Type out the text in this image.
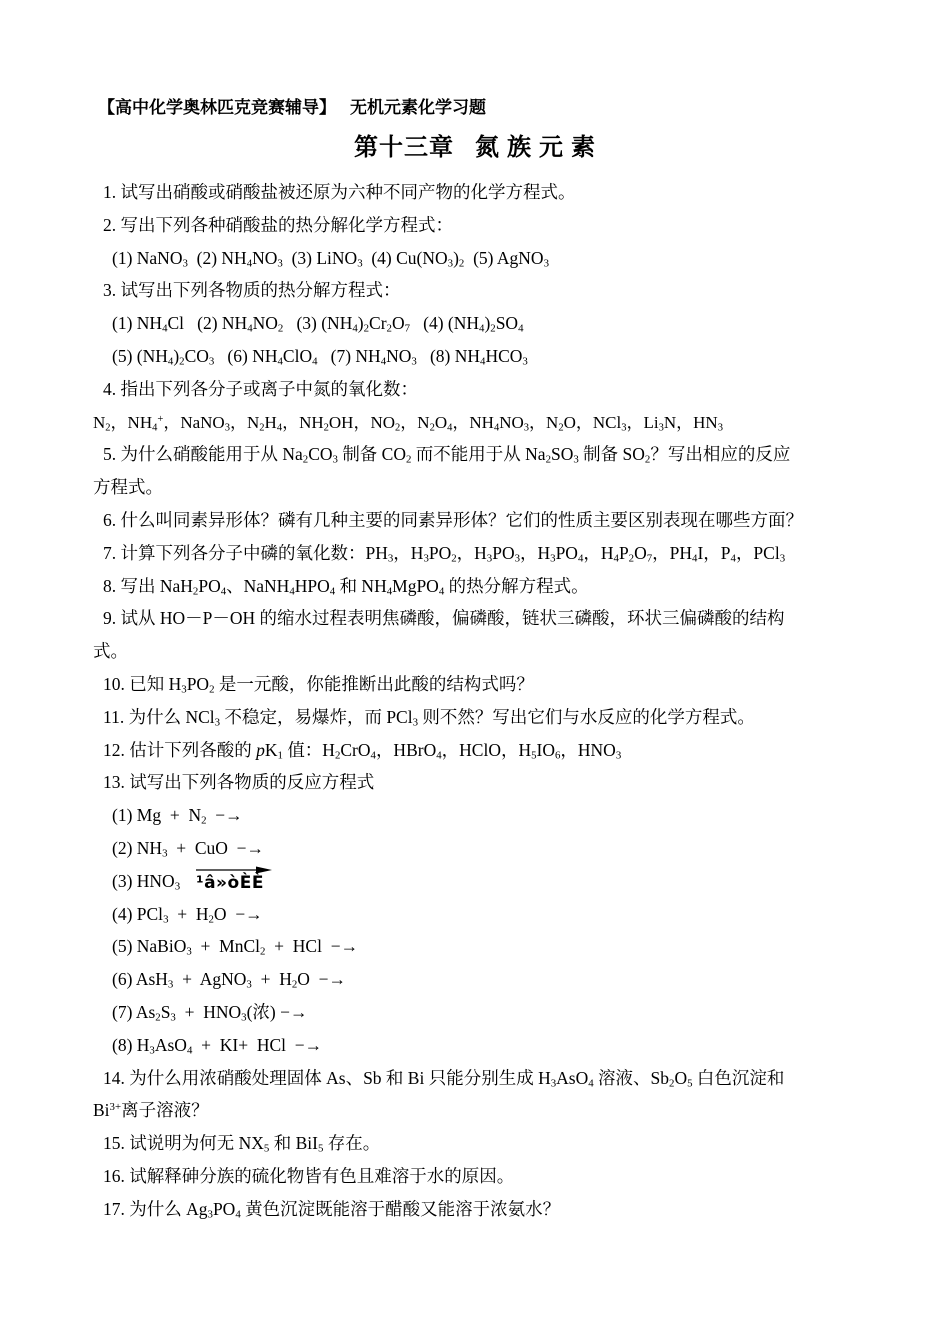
【高中化学奥林匹克竞赛辅导】 无机元素化学习题
第十三章   氮 族 元 素
1. 试写出硝酸或硝酸盐被还原为六种不同产物的化学方程式。
2. 写出下列各种硝酸盐的热分解化学方程式：
(1) NaNO$_3$  (2) $NH_4NO_3$  (3) LiNO$_3$  (4) $Cu(NO_3)_2$  (5) AgNO$_3$
3. 试写出下列各物质的热分解方程式：
(1) $NH_4Cl$   (2) $NH_4NO_2$   (3) $(NH_4)_2Cr_2O_7$   (4) $(NH_4)_2SO_4$
(5) $(NH_4)_2CO_3$   (6) $NH_4ClO_4$   (7) $NH_4NO_3$   (8) $NH_4HCO_3$
4. 指出下列各分子或离子中氮的氧化数：
$N_2$，$NH_4^+$，NaNO$_3$，$N_2H_4$，$NH_2OH$，$NO_2$，$N_2O_4$，$NH_4NO_3$，$N_2O$，NCl$_3$，$Li_3N$，$HN_3$
5. 为什么硝酸能用于从 $Na_2CO_3$ 制备 $CO_2$ 而不能用于从 $Na_2SO_3$ 制备 $SO_2$？写出相应的反应
方程式。
6. 什么叫同素异形体？磷有几种主要的同素异形体？它们的性质主要区别表现在哪些方面？
7. 计算下列各分子中磷的氧化数：$PH_3$，$H_3PO_2$，$H_3PO_3$，$H_3PO_4$，$H_4P_2O_7$，$PH_4I$，$P_4$，PCl$_3$
8. 写出 $NaH_2PO_4$、$NaNH_4HPO_4$ 和 $NH_4MgPO_4$ 的热分解方程式。
9. 试从 HO－P－OH 的缩水过程表明焦磷酸，偏磷酸，链状三磷酸，环状三偏磷酸的结构
式。
10. 已知 $H_3PO_2$ 是一元酸，你能推断出此酸的结构式吗？
11. 为什么 NCl$_3$ 不稳定，易爆炸，而 PCl$_3$ 则不然？写出它们与水反应的化学方程式。
12. 估计下列各酸的 $pK_1$ 值：$H_2CrO_4$，HBrO$_4$，HClO，$H_5IO_6$，$HNO_3$
13. 试写出下列各物质的反应方程式
(1) $Mg + N_2$ −→
(2) $NH_3$  +  CuO  −→
(3) $HNO_3$ ¹â»òÈÈ
(4) $PCl_3 + H_2O$  −→
(5) NaBiO$_3$  +  MnCl$_2$  +  HCl  −→
(6) AsH$_3$  +  AgNO$_3$  +  $H_2O$  −→
(7) $As_2S_3 + HNO_3$(浓) −→
(8) $H_3AsO_4 + KI+$  HCl  −→
14. 为什么用浓硝酸处理固体 As、Sb 和 Bi 只能分别生成 $H_3AsO_4$ 溶液、$Sb_2O_5$ 白色沉淀和
$Bi^{3+}$离子溶液？
15. 试说明为何无 $NX_5$ 和 BiI$_5$ 存在。
16. 试解释砷分族的硫化物皆有色且难溶于水的原因。
17. 为什么 $Ag_3PO_4$ 黄色沉淀既能溶于醋酸又能溶于浓氨水？
